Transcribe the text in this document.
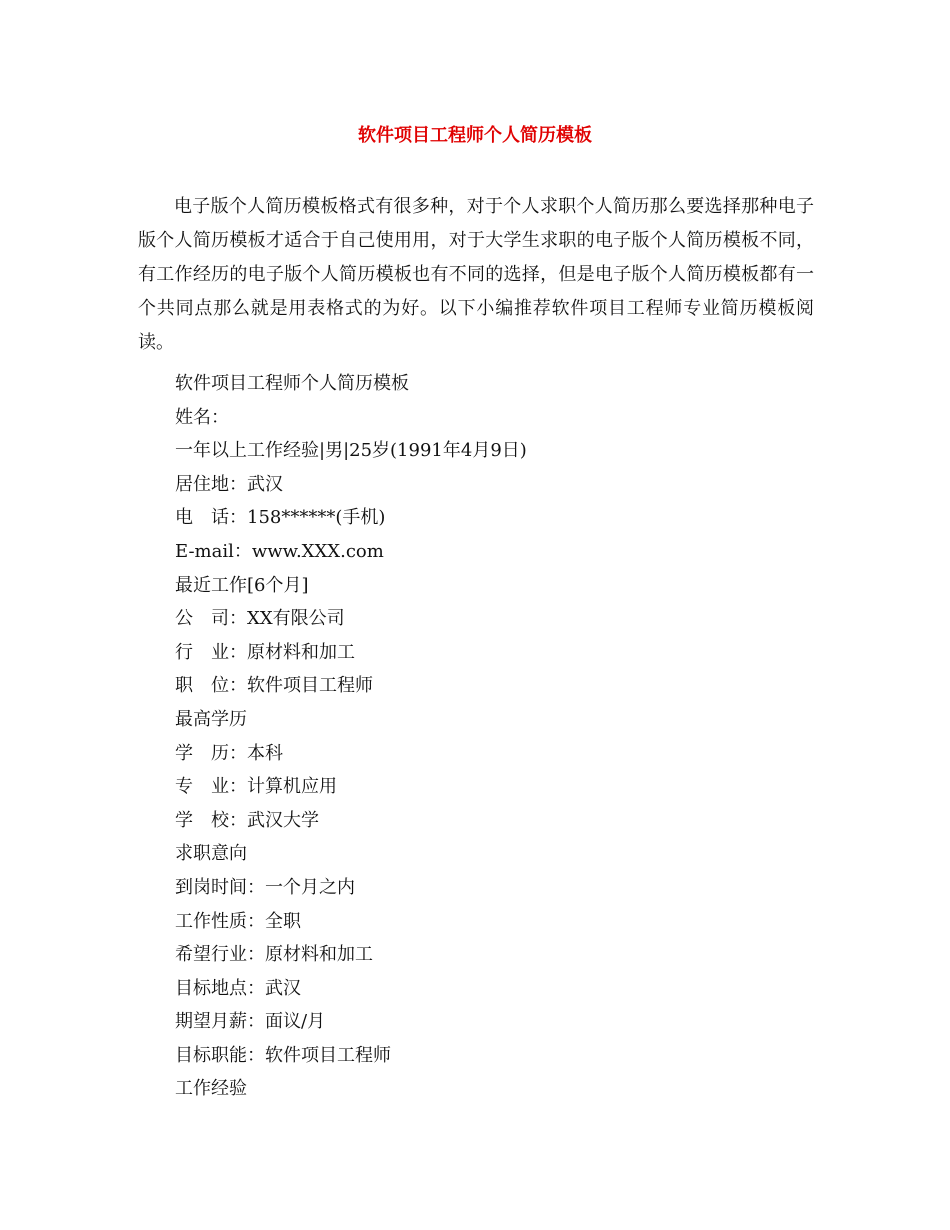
软件项目工程师个人简历模板

电子版个人简历模板格式有很多种，对于个人求职个人简历那么要选择那种电子版个人简历模板才适合于自己使用用，对于大学生求职的电子版个人简历模板不同，有工作经历的电子版个人简历模板也有不同的选择，但是电子版个人简历模板都有一个共同点那么就是用表格式的为好。以下小编推荐软件项目工程师专业简历模板阅读。

软件项目工程师个人简历模板
姓名：
一年以上工作经验|男|25岁(1991年4月9日)
居住地：武汉
电　话：158******(手机)
E-mail：www.XXX.com
最近工作[6个月]
公　司：XX有限公司
行　业：原材料和加工
职　位：软件项目工程师
最高学历
学　历：本科
专　业：计算机应用
学　校：武汉大学
求职意向
到岗时间：一个月之内
工作性质：全职
希望行业：原材料和加工
目标地点：武汉
期望月薪：面议/月
目标职能：软件项目工程师
工作经验
